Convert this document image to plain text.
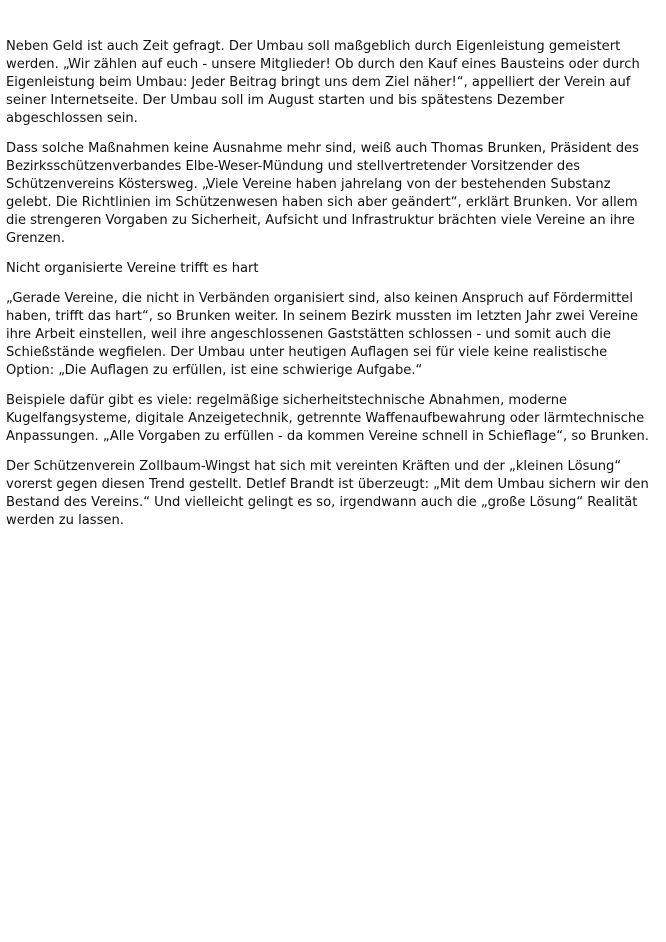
Neben Geld ist auch Zeit gefragt. Der Umbau soll maßgeblich durch Eigenleistung gemeistert werden. „Wir zählen auf euch - unsere Mitglieder! Ob durch den Kauf eines Bausteins oder durch Eigenleistung beim Umbau: Jeder Beitrag bringt uns dem Ziel näher!“, appelliert der Verein auf seiner Internetseite. Der Umbau soll im August starten und bis spätestens Dezember abgeschlossen sein.

Dass solche Maßnahmen keine Ausnahme mehr sind, weiß auch Thomas Brunken, Präsident des Bezirksschützenverbandes Elbe-Weser-Mündung und stellvertretender Vorsitzender des Schützenvereins Köstersweg. „Viele Vereine haben jahrelang von der bestehenden Substanz gelebt. Die Richtlinien im Schützenwesen haben sich aber geändert“, erklärt Brunken. Vor allem die strengeren Vorgaben zu Sicherheit, Aufsicht und Infrastruktur brächten viele Vereine an ihre Grenzen.

Nicht organisierte Vereine trifft es hart

„Gerade Vereine, die nicht in Verbänden organisiert sind, also keinen Anspruch auf Fördermittel haben, trifft das hart“, so Brunken weiter. In seinem Bezirk mussten im letzten Jahr zwei Vereine ihre Arbeit einstellen, weil ihre angeschlossenen Gaststätten schlossen - und somit auch die Schießstände wegfielen. Der Umbau unter heutigen Auflagen sei für viele keine realistische Option: „Die Auflagen zu erfüllen, ist eine schwierige Aufgabe.“

Beispiele dafür gibt es viele: regelmäßige sicherheitstechnische Abnahmen, moderne Kugelfangsysteme, digitale Anzeigetechnik, getrennte Waffenaufbewahrung oder lärmtechnische Anpassungen. „Alle Vorgaben zu erfüllen - da kommen Vereine schnell in Schieflage“, so Brunken.

Der Schützenverein Zollbaum-Wingst hat sich mit vereinten Kräften und der „kleinen Lösung“ vorerst gegen diesen Trend gestellt. Detlef Brandt ist überzeugt: „Mit dem Umbau sichern wir den Bestand des Vereins.“ Und vielleicht gelingt es so, irgendwann auch die „große Lösung“ Realität werden zu lassen.
